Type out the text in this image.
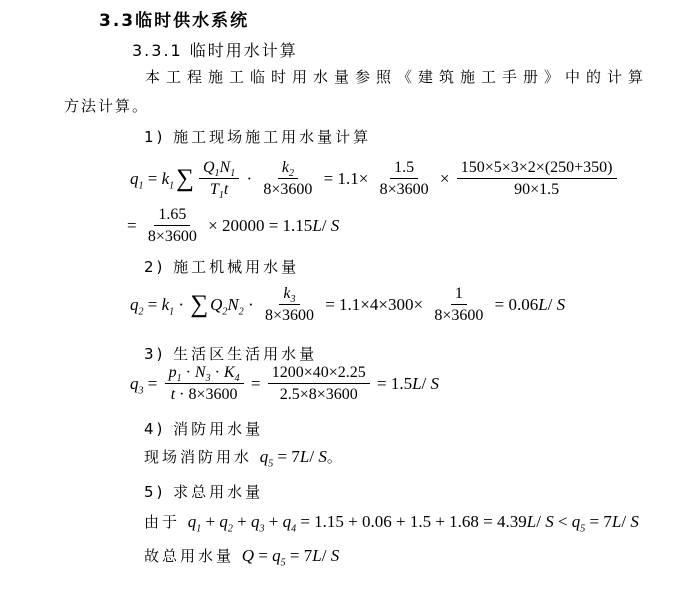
3.3临时供水系统
3.3.1 临时用水计算
本工程施工临时用水量参照《建筑施工手册》中的计算
方法计算。
1) 施工现场施工用水量计算
$q_1 = k_1$ ∑ $\frac{Q_1N_1}{T_1t} \cdot \frac{k_2}{8\times 3600} = 1.1\times \frac{1.5}{8\times 3600} \times \frac{150\times 5\times 3\times 2\times(250+350)}{90\times 1.5}$
= $\frac{1.65}{8\times 3600} \times 20000 = 1.15$ L / S
2) 施工机械用水量
$q_2 = k_1$ · ∑ $Q_2$ $N_2 \cdot \frac{k_3}{8\times 3600} = 1.1\times 4\times 300\times \frac{1}{8\times 3600} = 0.06$ L / S
3) 生活区生活用水量
$q_3 = \frac{p_1 \cdot N_3 \cdot K_4}{t \cdot 8\times 3600} = \frac{1200\times 40\times 2.25}{2.5\times 8\times 3600} = 1.5$ L / S
4) 消防用水量
现场消防用水 $q_5 = 7$ L / S 。
5) 求总用水量
由于 $q_1 + q_2 + q_3 + q_4 = 1.15 + 0.06 + 1.5 + 1.68 = 4.39$ $L / S < q_5 = 7$ L / S
故总用水量 $Q = q_5 = 7$ L / S
